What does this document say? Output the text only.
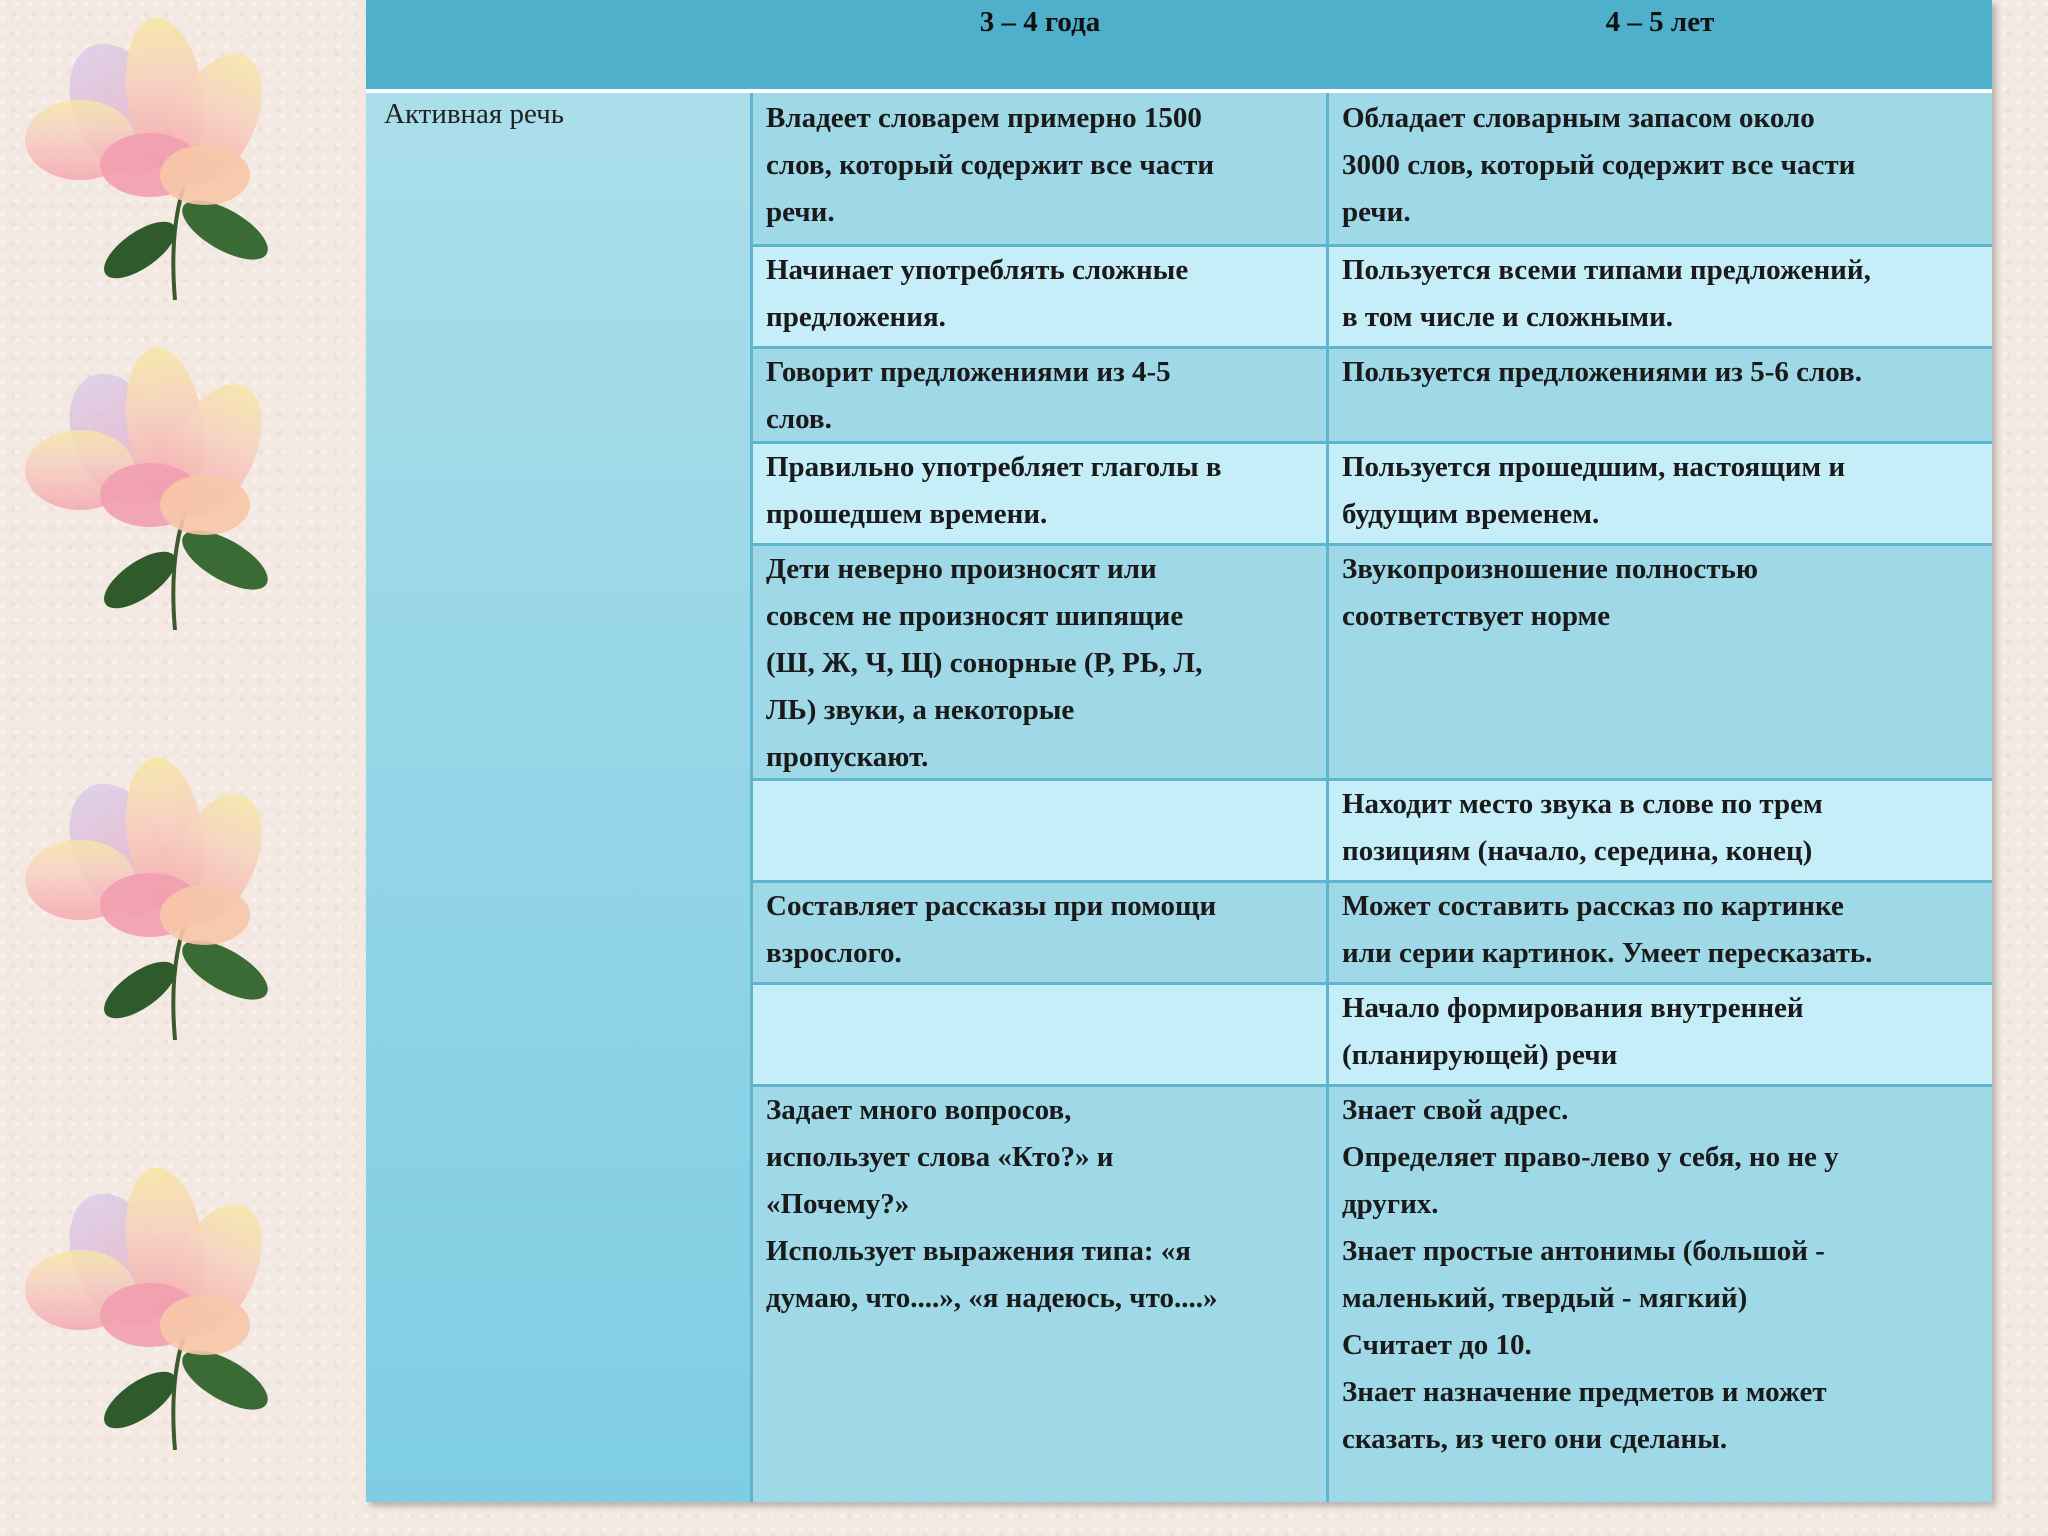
3 – 4 года	4 – 5 лет
Активная речь	Владеет словарем примерно 1500
слов, который содержит все части
речи.
Обладает словарным запасом около
3000 слов, который содержит все части
речи.
Начинает употреблять сложные
предложения.
Пользуется всеми типами предложений,
в том числе и сложными.
Говорит предложениями из 4-5
слов.
Пользуется предложениями из 5-6 слов.
Правильно употребляет глаголы в
прошедшем времени.
Пользуется прошедшим, настоящим и
будущим временем.
Дети неверно произносят или
совсем не произносят шипящие
(Ш, Ж, Ч, Щ) сонорные (Р, РЬ, Л,
ЛЬ) звуки, а некоторые
пропускают.
Звукопроизношение полностью
соответствует норме
Находит место звука в слове по трем
позициям (начало, середина, конец)
Составляет рассказы при помощи
взрослого.
Может составить рассказ по картинке
или серии картинок. Умеет пересказать.
Начало формирования внутренней
(планирующей) речи
Задает много вопросов,
использует слова «Кто?» и
«Почему?»
Использует выражения типа: «я
думаю, что....», «я надеюсь, что....»
Знает свой адрес.
Определяет право-лево у себя, но не у
других.
Знает простые антонимы (большой -
маленький, твердый - мягкий)
Считает до 10.
Знает назначение предметов и может
сказать, из чего они сделаны.
